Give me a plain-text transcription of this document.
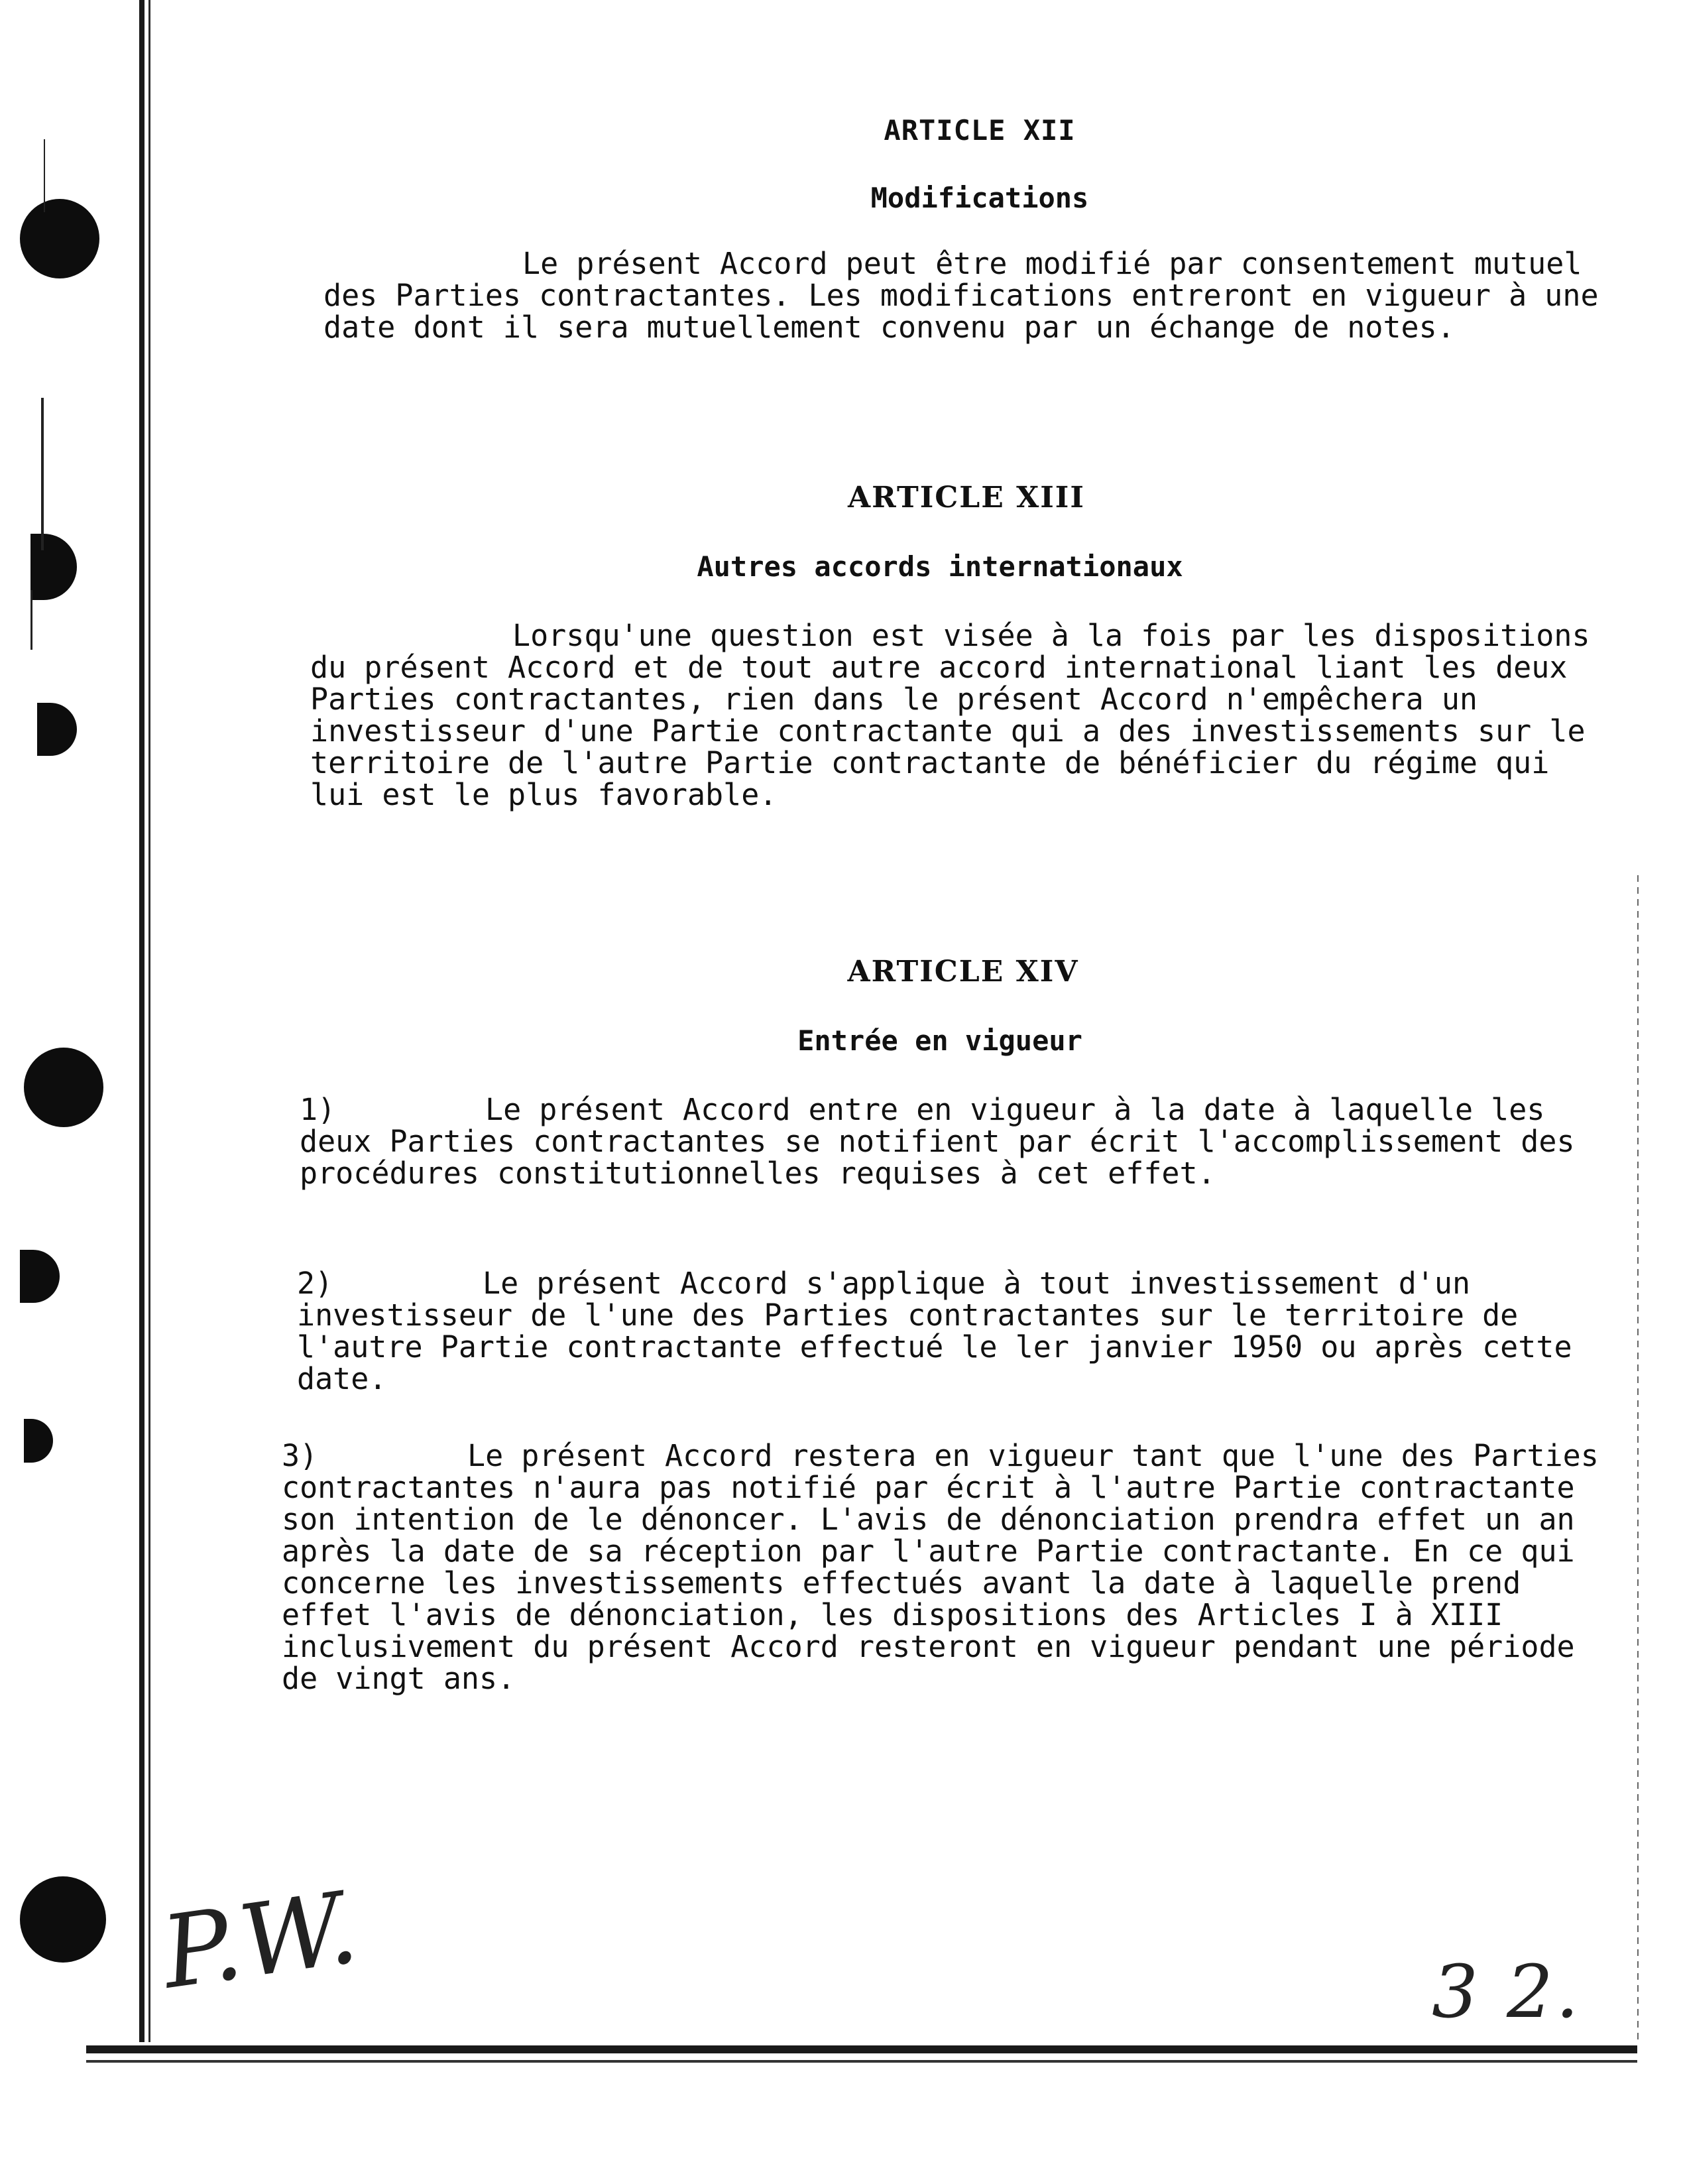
ARTICLE XII
Modifications

Le présent Accord peut être modifié par consentement mutuel des Parties contractantes. Les modifications entreront en vigueur à une date dont il sera mutuellement convenu par un échange de notes.

ARTICLE XIII
Autres accords internationaux

Lorsqu'une question est visée à la fois par les dispositions du présent Accord et de tout autre accord international liant les deux Parties contractantes, rien dans le présent Accord n'empêchera un investisseur d'une Partie contractante qui a des investissements sur le territoire de l'autre Partie contractante de bénéficier du régime qui lui est le plus favorable.

ARTICLE XIV
Entrée en vigueur

1)	Le présent Accord entre en vigueur à la date à laquelle les deux Parties contractantes se notifient par écrit l'accomplissement des procédures constitutionnelles requises à cet effet.

2)	Le présent Accord s'applique à tout investissement d'un investisseur de l'une des Parties contractantes sur le territoire de l'autre Partie contractante effectué le ler janvier 1950 ou après cette date.

3)	Le présent Accord restera en vigueur tant que l'une des Parties contractantes n'aura pas notifié par écrit à l'autre Partie contractante son intention de le dénoncer. L'avis de dénonciation prendra effet un an après la date de sa réception par l'autre Partie contractante. En ce qui concerne les investissements effectués avant la date à laquelle prend effet l'avis de dénonciation, les dispositions des Articles I à XIII inclusivement du présent Accord resteront en vigueur pendant une période de vingt ans.

P.W.	3 2.
